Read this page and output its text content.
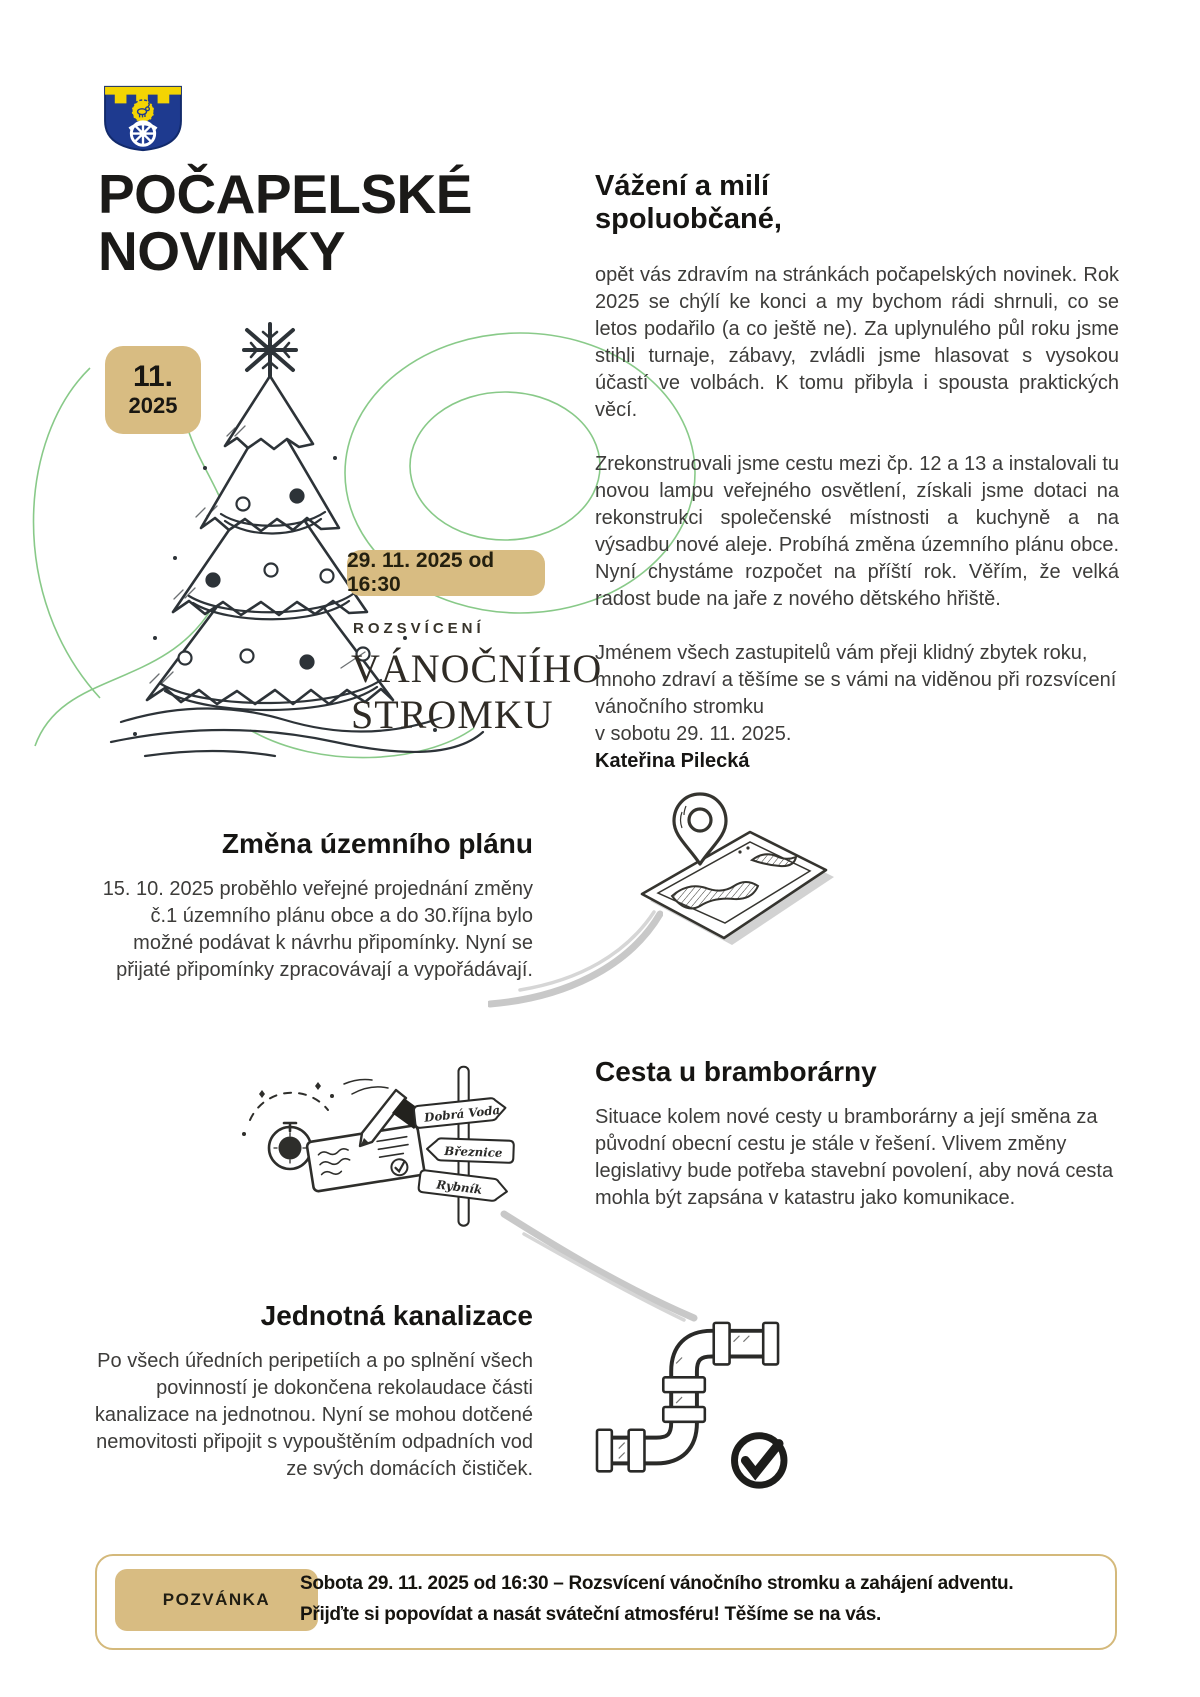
POČAPELSKÉ
NOVINKY
Vážení a milí
spoluobčané,

opět vás zdravím na stránkách počapelských novinek. Rok 2025 se chýlí ke konci a my bychom rádi shrnuli, co se letos podařilo (a co ještě ne). Za uplynulého půl roku jsme stihli turnaje, zábavy, zvládli jsme hlasovat s vysokou účastí ve volbách. K tomu přibyla i spousta praktických věcí.

Zrekonstruovali jsme cestu mezi čp. 12 a 13 a instalovali tu novou lampu veřejného osvětlení, získali jsme dotaci na rekonstrukci společenské místnosti a kuchyně a na výsadbu nové aleje. Probíhá změna územního plánu obce. Nyní chystáme rozpočet na příští rok. Věřím, že velká radost bude na jaře z nového dětského hřiště.

Jménem všech zastupitelů vám přeji klidný zbytek roku, mnoho zdraví a těšíme se s vámi na viděnou při rozsvícení vánočního stromku
v sobotu 29. 11. 2025.
Kateřina Pilecká

11.
2025
29. 11. 2025 od 16:30
ROZSVÍCENÍ
VÁNOČNÍHO
STROMKU
Změna územního plánu

15. 10. 2025 proběhlo veřejné projednání změny č.1 územního plánu obce a do 30.října bylo možné podávat k návrhu připomínky. Nyní se přijaté připomínky zpracovávají a vypořádávají.

Dobrá Voda
Březnice
Rybník
Cesta u bramborárny

Situace kolem nové cesty u bramborárny a její směna za původní obecní cestu je stále v řešení. Vlivem změny legislativy bude potřeba stavební povolení, aby nová cesta mohla být zapsána v katastru jako komunikace.

Jednotná kanalizace

Po všech úředních peripetiích a po splnění všech povinností je dokončena rekolaudace části kanalizace na jednotnou. Nyní se mohou dotčené nemovitosti připojit s vypouštěním odpadních vod ze svých domácích čističek.

POZVÁNKA
Sobota 29. 11. 2025 od 16:30 – Rozsvícení vánočního stromku a zahájení adventu.
Přijďte si popovídat a nasát sváteční atmosféru! Těšíme se na vás.
